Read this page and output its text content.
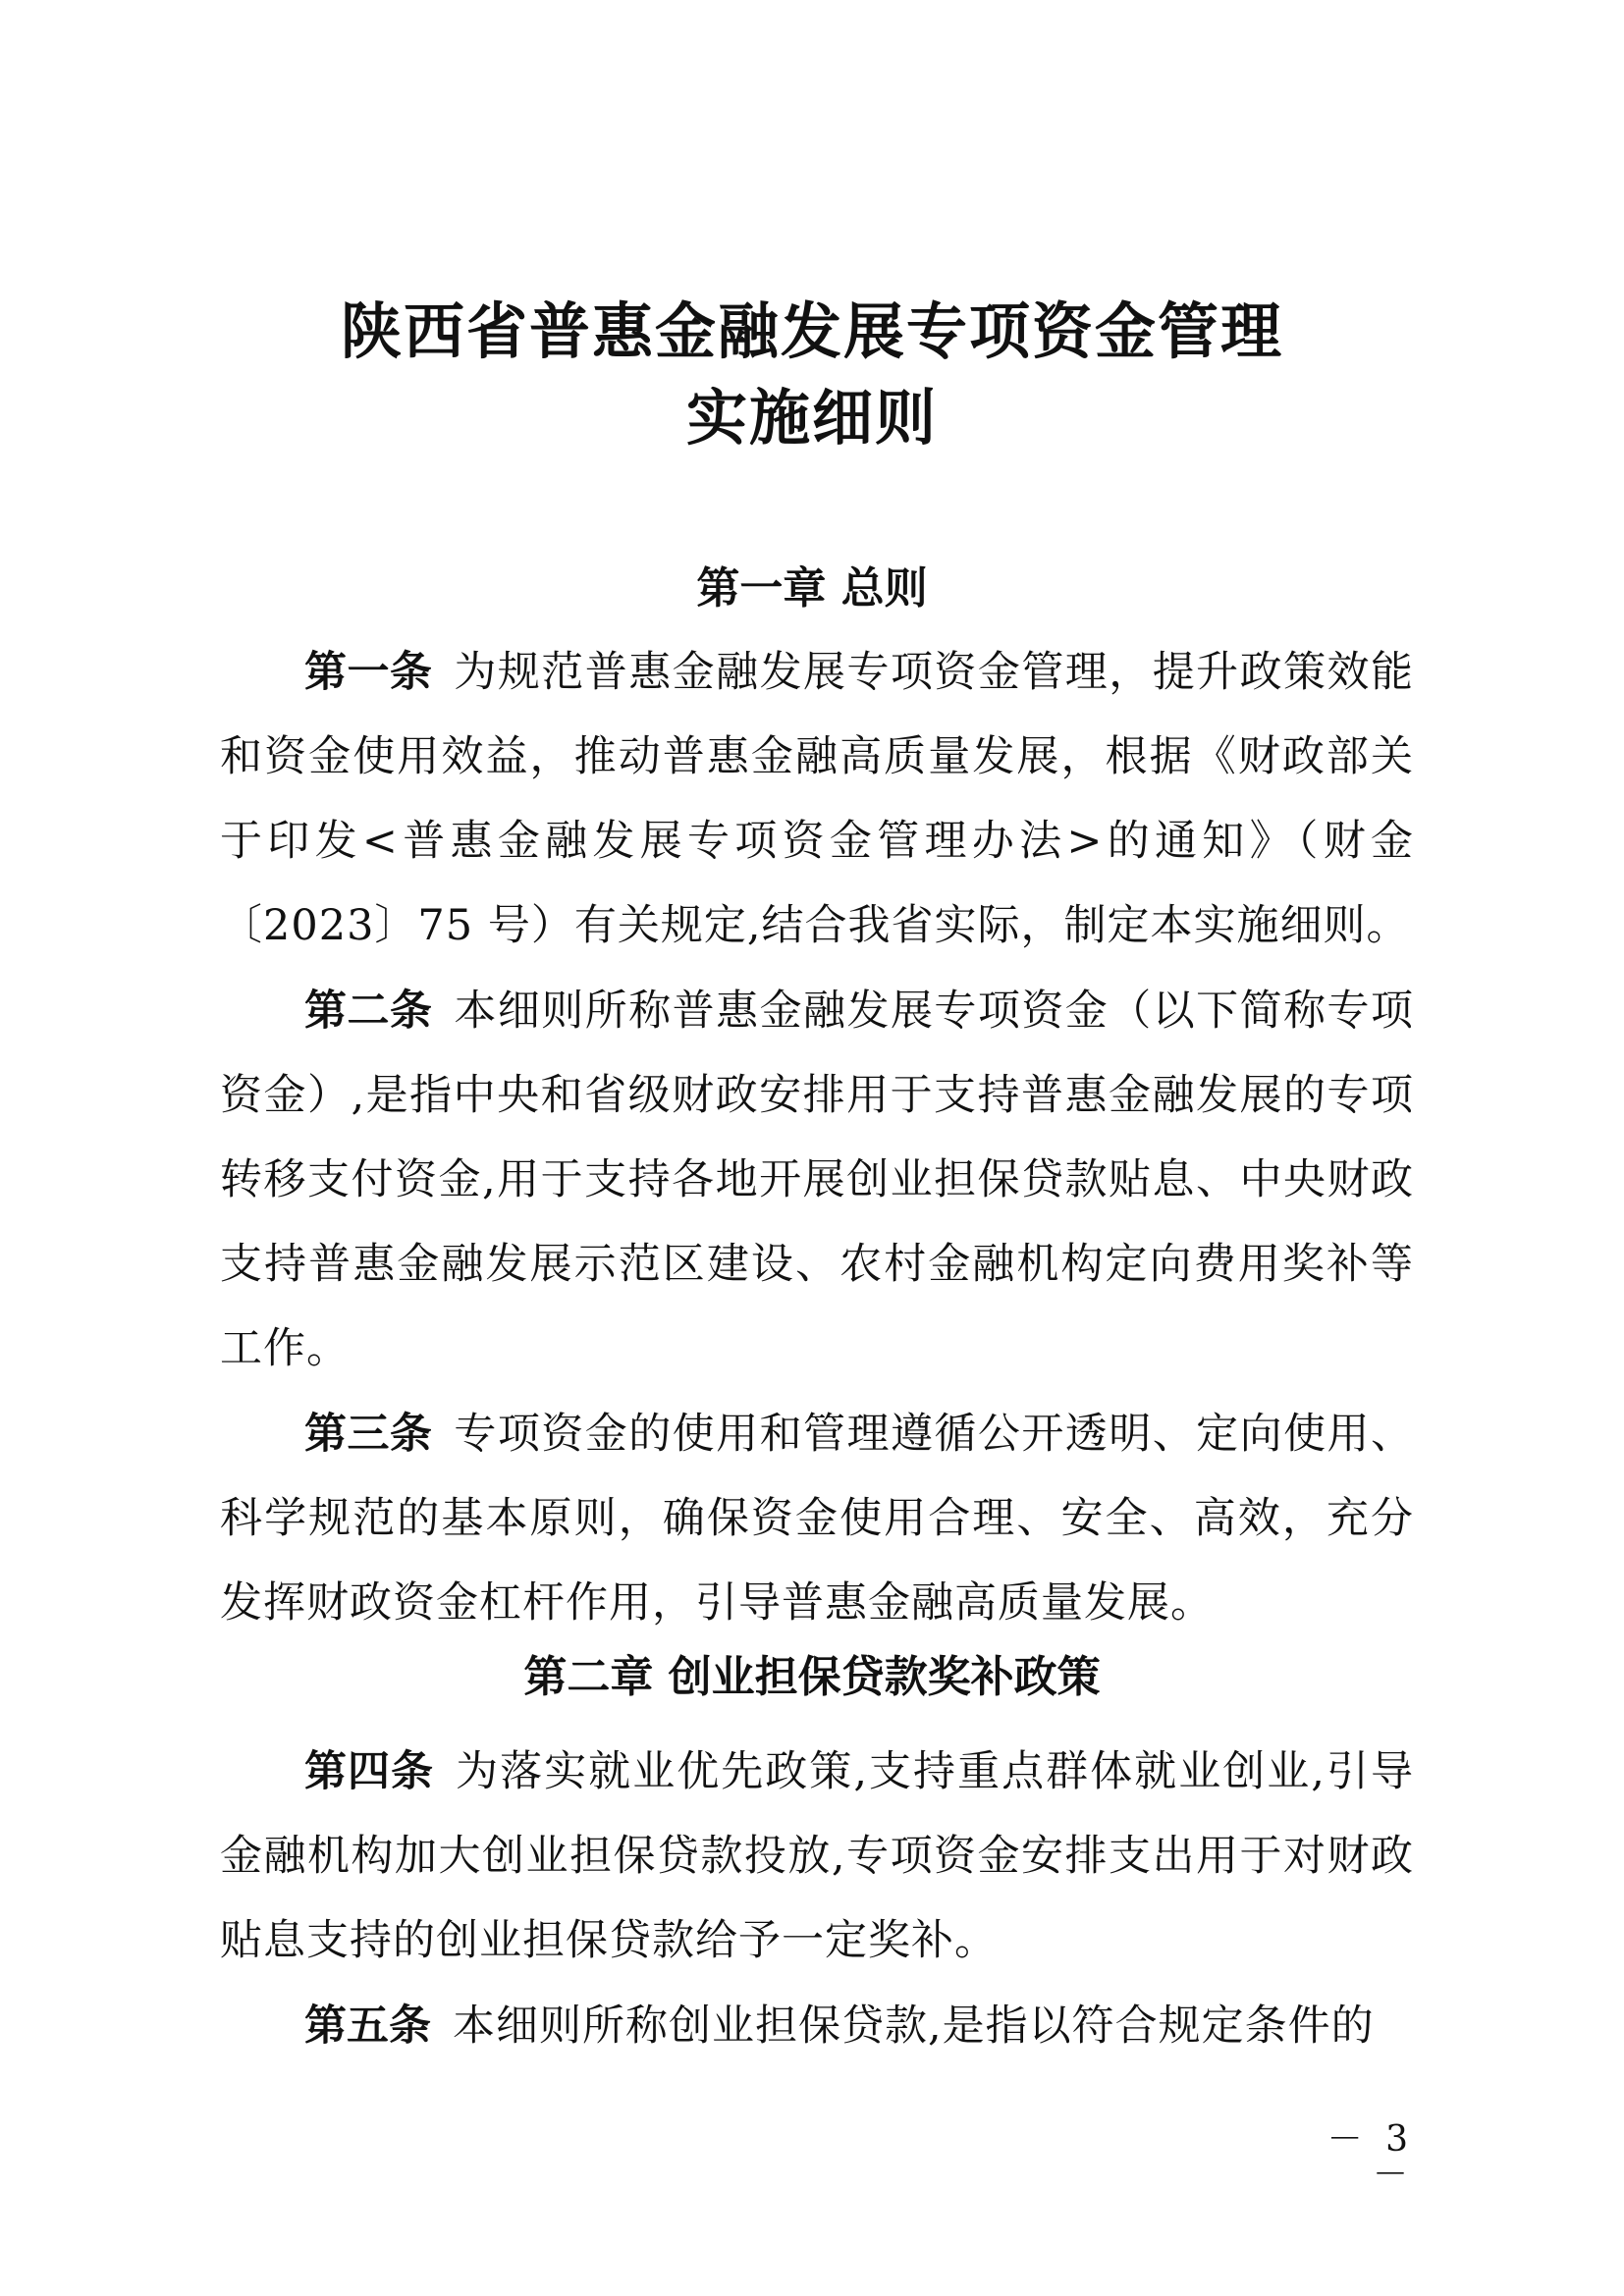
陕西省普惠金融发展专项资金管理
实施细则
第一章 总则
第一条 为规范普惠金融发展专项资金管理，提升政策效能和资金使用效益，推动普惠金融高质量发展，根据《财政部关于印发<普惠金融发展专项资金管理办法>的通知》（财金〔2023〕75 号）有关规定,结合我省实际，制定本实施细则。
第二条 本细则所称普惠金融发展专项资金（以下简称专项资金）,是指中央和省级财政安排用于支持普惠金融发展的专项转移支付资金,用于支持各地开展创业担保贷款贴息、中央财政支持普惠金融发展示范区建设、农村金融机构定向费用奖补等工作。
第三条 专项资金的使用和管理遵循公开透明、定向使用、科学规范的基本原则，确保资金使用合理、安全、高效，充分发挥财政资金杠杆作用，引导普惠金融高质量发展。
第二章 创业担保贷款奖补政策
第四条 为落实就业优先政策,支持重点群体就业创业,引导金融机构加大创业担保贷款投放,专项资金安排支出用于对财政贴息支持的创业担保贷款给予一定奖补。
第五条 本细则所称创业担保贷款,是指以符合规定条件的
－ 3 －
